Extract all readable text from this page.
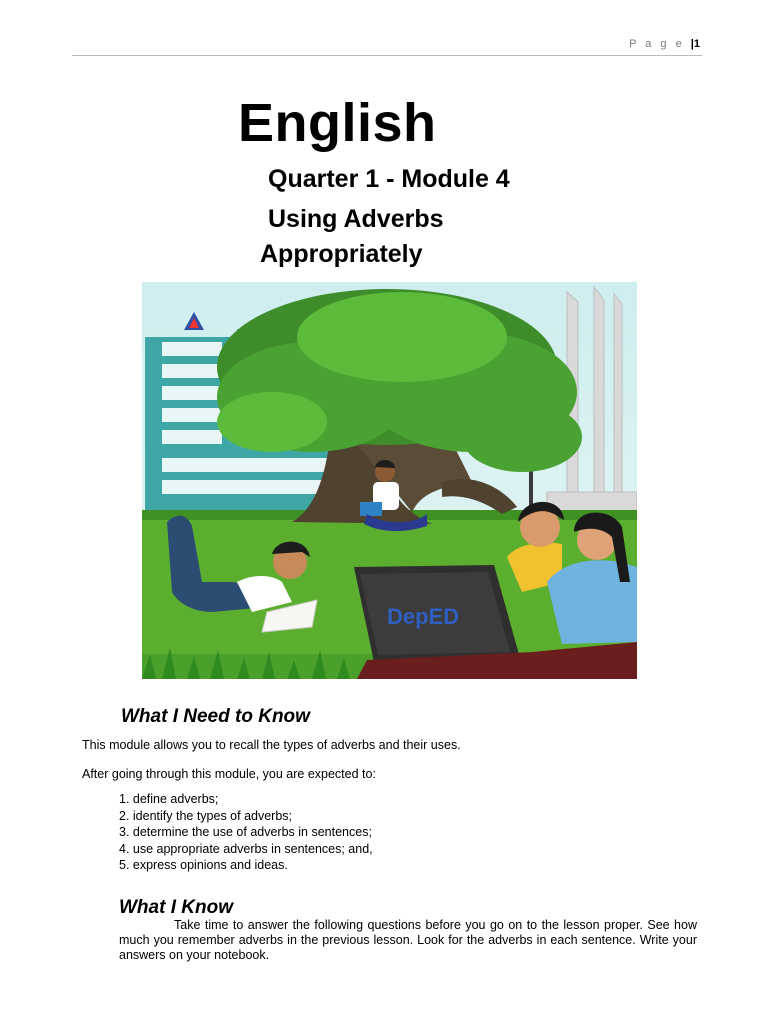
P a g e |1
English
Quarter 1 - Module 4
Using Adverbs
Appropriately
DepED
What I Need to Know
This module allows you to recall the types of adverbs and their uses.
After going through this module, you are expected to:
1. define adverbs;
2. identify the types of adverbs;
3. determine the use of adverbs in sentences;
4. use appropriate adverbs in sentences; and,
5. express opinions and ideas.
What I Know
Take time to answer the following questions before you go on to the lesson proper. See how much you remember adverbs in the previous lesson. Look for the adverbs in each sentence. Write your answers on your notebook.
